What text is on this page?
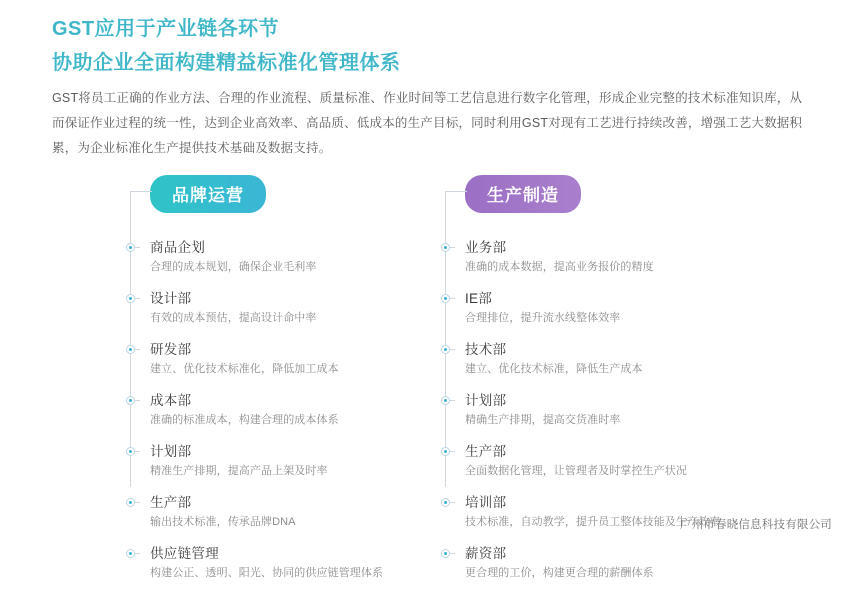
GST应用于产业链各环节
协助企业全面构建精益标准化管理体系
GST将员工正确的作业方法、合理的作业流程、质量标准、作业时间等工艺信息进行数字化管理，形成企业完整的技术标准知识库，从而保证作业过程的统一性，达到企业高效率、高品质、低成本的生产目标，同时利用GST对现有工艺进行持续改善，增强工艺大数据积累，为企业标准化生产提供技术基础及数据支持。
品牌运营

商品企划

合理的成本规划，确保企业毛利率

设计部

有效的成本预估，提高设计命中率

研发部

建立、优化技术标准化，降低加工成本

成本部

准确的标准成本，构建合理的成本体系

计划部

精准生产排期，提高产品上架及时率

生产部

输出技术标准，传承品牌DNA

供应链管理

构建公正、透明、阳光、协同的供应链管理体系

生产制造

业务部

准确的成本数据，提高业务报价的精度

IE部

合理排位，提升流水线整体效率

技术部

建立、优化技术标准，降低生产成本

计划部

精确生产排期，提高交货准时率

生产部

全面数据化管理，让管理者及时掌控生产状况

培训部

技术标准，自动教学，提升员工整体技能及生产效率

薪资部

更合理的工价，构建更合理的薪酬体系

广州市春晓信息科技有限公司
